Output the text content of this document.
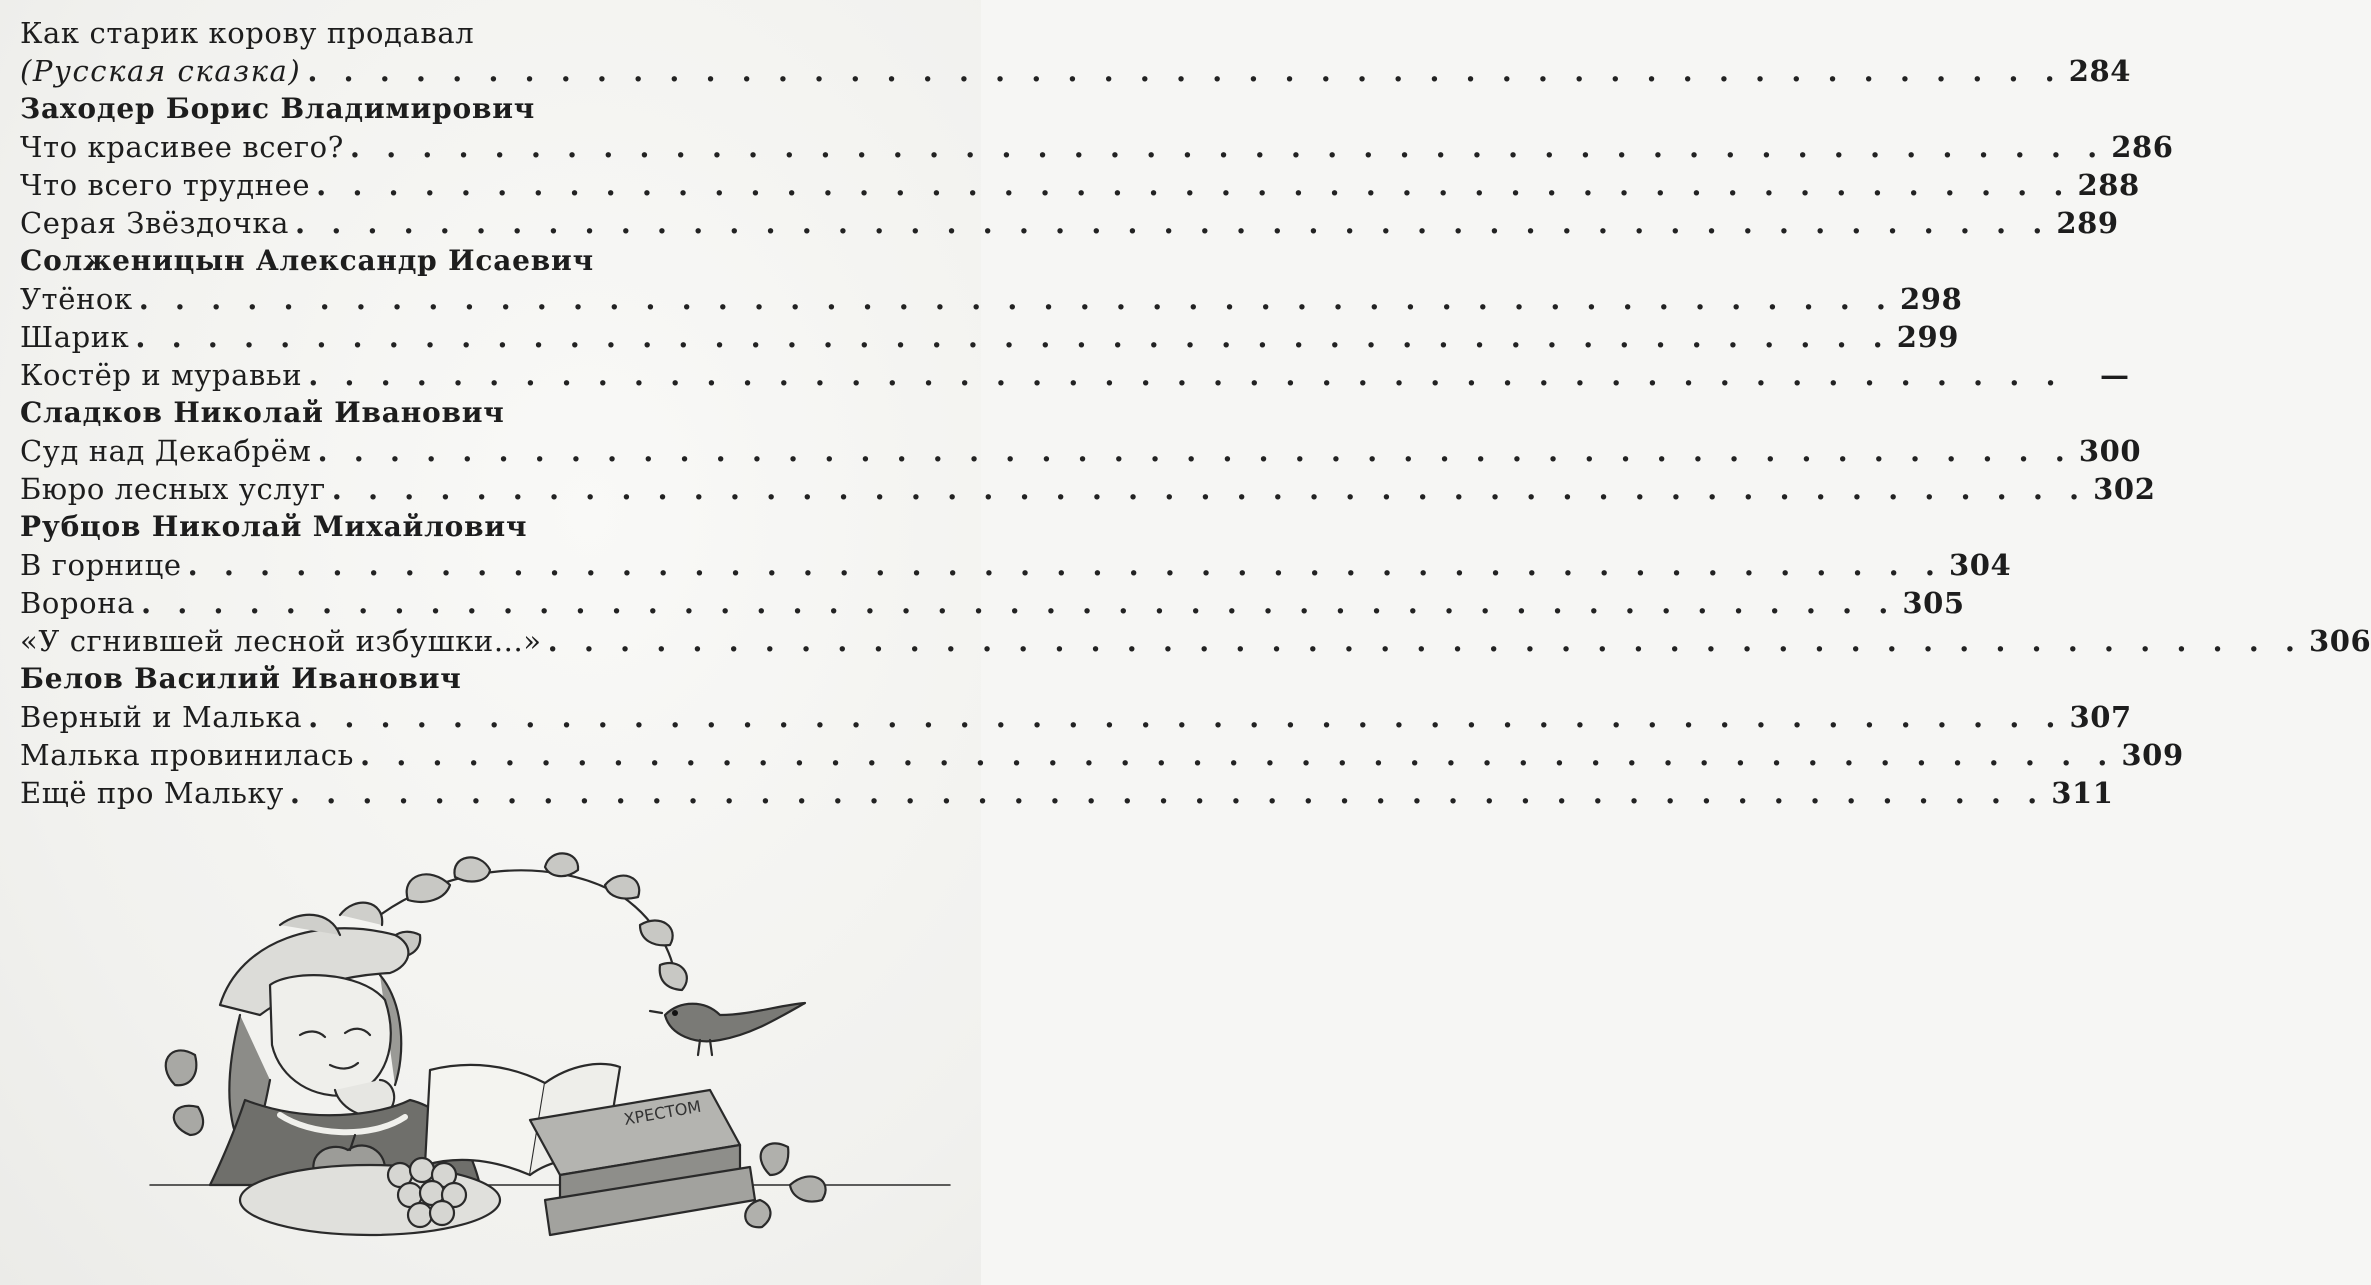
Как старик корову продавал
(Русская сказка) . . . . . . . . . . . . . . . . . . . . . . . . . . . . . . . . . . . . . . . . . . . . . . . . . 284
Заходер Борис Владимирович
Что красивее всего? . . . . . . . . . . . . . . . . . . . . . . . . . . . . . . . . . . . . . . . . . . . . . . . . . 286
Что всего труднее . . . . . . . . . . . . . . . . . . . . . . . . . . . . . . . . . . . . . . . . . . . . . . . . . 288
Серая Звёздочка . . . . . . . . . . . . . . . . . . . . . . . . . . . . . . . . . . . . . . . . . . . . . . . . . 289
Солженицын Александр Исаевич
Утёнок . . . . . . . . . . . . . . . . . . . . . . . . . . . . . . . . . . . . . . . . . . . . . . . . . 298
Шарик . . . . . . . . . . . . . . . . . . . . . . . . . . . . . . . . . . . . . . . . . . . . . . . . . 299
Костёр и муравьи . . . . . . . . . . . . . . . . . . . . . . . . . . . . . . . . . . . . . . . . . . . . . . . . .	—
Сладков Николай Иванович
Суд над Декабрём . . . . . . . . . . . . . . . . . . . . . . . . . . . . . . . . . . . . . . . . . . . . . . . . . 300
Бюро лесных услуг . . . . . . . . . . . . . . . . . . . . . . . . . . . . . . . . . . . . . . . . . . . . . . . . . 302
Рубцов Николай Михайлович
В горнице . . . . . . . . . . . . . . . . . . . . . . . . . . . . . . . . . . . . . . . . . . . . . . . . . 304
Ворона . . . . . . . . . . . . . . . . . . . . . . . . . . . . . . . . . . . . . . . . . . . . . . . . . 305
«У сгнившей лесной избушки...» . . . . . . . . . . . . . . . . . . . . . . . . . . . . . . . . . . . . . . . . . . . . . . . . . 306
Белов Василий Иванович
Верный и Малька . . . . . . . . . . . . . . . . . . . . . . . . . . . . . . . . . . . . . . . . . . . . . . . . . 307
Малька провинилась . . . . . . . . . . . . . . . . . . . . . . . . . . . . . . . . . . . . . . . . . . . . . . . . . 309
Ещё про Мальку . . . . . . . . . . . . . . . . . . . . . . . . . . . . . . . . . . . . . . . . . . . . . . . . . 311
ХРЕСТОМ
